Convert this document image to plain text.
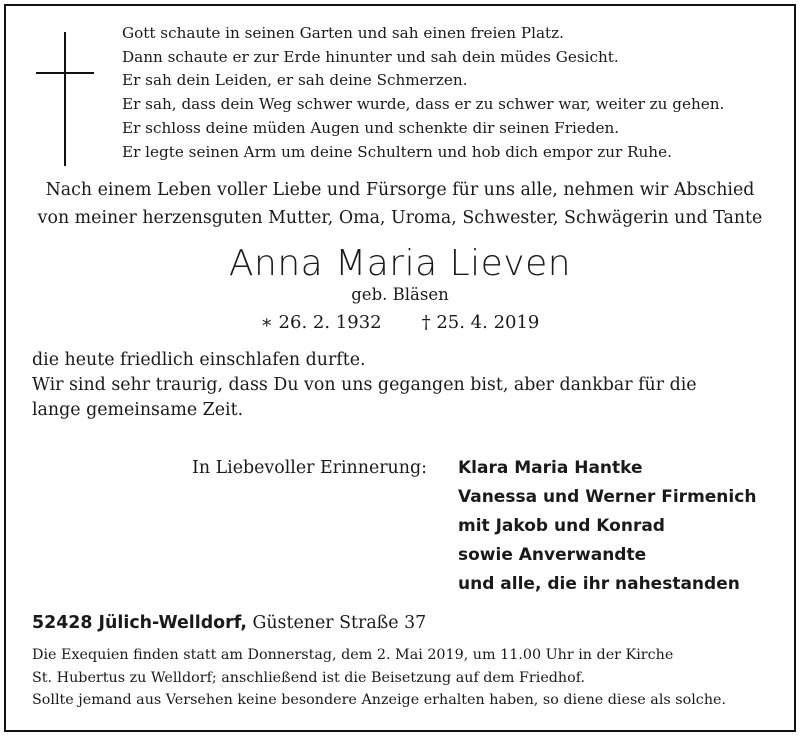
Gott schaute in seinen Garten und sah einen freien Platz.
Dann schaute er zur Erde hinunter und sah dein müdes Gesicht.
Er sah dein Leiden, er sah deine Schmerzen.
Er sah, dass dein Weg schwer wurde, dass er zu schwer war, weiter zu gehen.
Er schloss deine müden Augen und schenkte dir seinen Frieden.
Er legte seinen Arm um deine Schultern und hob dich empor zur Ruhe.
Nach einem Leben voller Liebe und Fürsorge für uns alle, nehmen wir Abschied
von meiner herzensguten Mutter, Oma, Uroma, Schwester, Schwägerin und Tante
Anna Maria Lieven
geb. Bläsen
∗ 26. 2. 1932 † 25. 4. 2019
die heute friedlich einschlafen durfte.
Wir sind sehr traurig, dass Du von uns gegangen bist, aber dankbar für die
lange gemeinsame Zeit.
In Liebevoller Erinnerung: Klara Maria Hantke
Vanessa und Werner Firmenich
mit Jakob und Konrad
sowie Anverwandte
und alle, die ihr nahestanden
52428 Jülich-Welldorf, Güstener Straße 37
Die Exequien finden statt am Donnerstag, dem 2. Mai 2019, um 11.00 Uhr in der Kirche
St. Hubertus zu Welldorf; anschließend ist die Beisetzung auf dem Friedhof.
Sollte jemand aus Versehen keine besondere Anzeige erhalten haben, so diene diese als solche.
